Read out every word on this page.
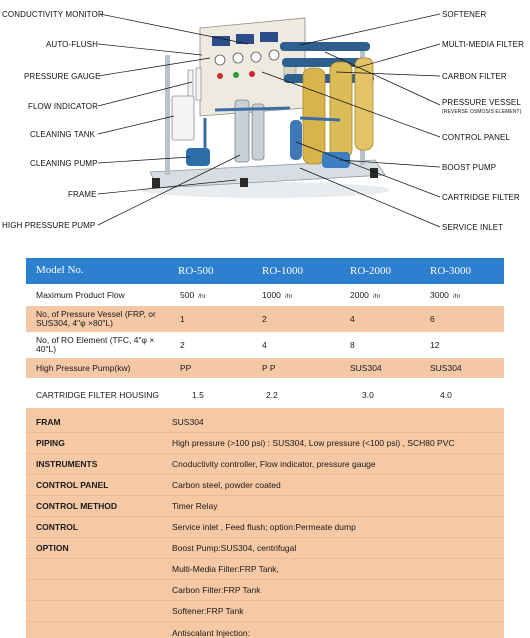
CONDUCTIVITY MONITOR
AUTO-FLUSH
PRESSURE GAUGE
FLOW INDICATOR
CLEANING TANK
CLEANING PUMP
FRAME
HIGH PRESSURE PUMP
SOFTENER
MULTI-MEDIA FILTER
CARBON FILTER
PRESSURE VESSEL
(REVERSE OSMOSIS ELEMENT)
CONTROL PANEL
BOOST PUMP
CARTRIDGE FILTER
SERVICE INLET
Model No.	RO-500	RO-1000	RO-2000	RO-3000
Maximum Product Flow	500 /hr	1000 /hr	2000 /hr	3000 /hr
No, of Pressure Vessel (FRP, or SUS304, 4"φ ×80"L)	1	2	4	6
No, of RO Element (TFC, 4"φ × 40"L)	2	4	8	12
High Pressure Pump(kw)	PP	P P	SUS304	SUS304
CARTRIDGE FILTER HOUSING	1.5	2.2	3.0	4.0
FRAM	SUS304
PIPING	High pressure (>100 psi) : SUS304, Low pressure (<100 psi) , SCH80 PVC
INSTRUMENTS	Cnoductivity controller, Flow indicator, pressure gauge
CONTROL PANEL	Carbon steel, powder coated
CONTROL METHOD	Timer Relay
CONTROL	Service inlet , Feed flush; option:Permeate dump
OPTION	Boost Pump:SUS304, centrifugal
Multi-Media Filter:FRP Tank,
Carbon Filter:FRP Tank
Softener:FRP Tank
Antiscalant Injection:
